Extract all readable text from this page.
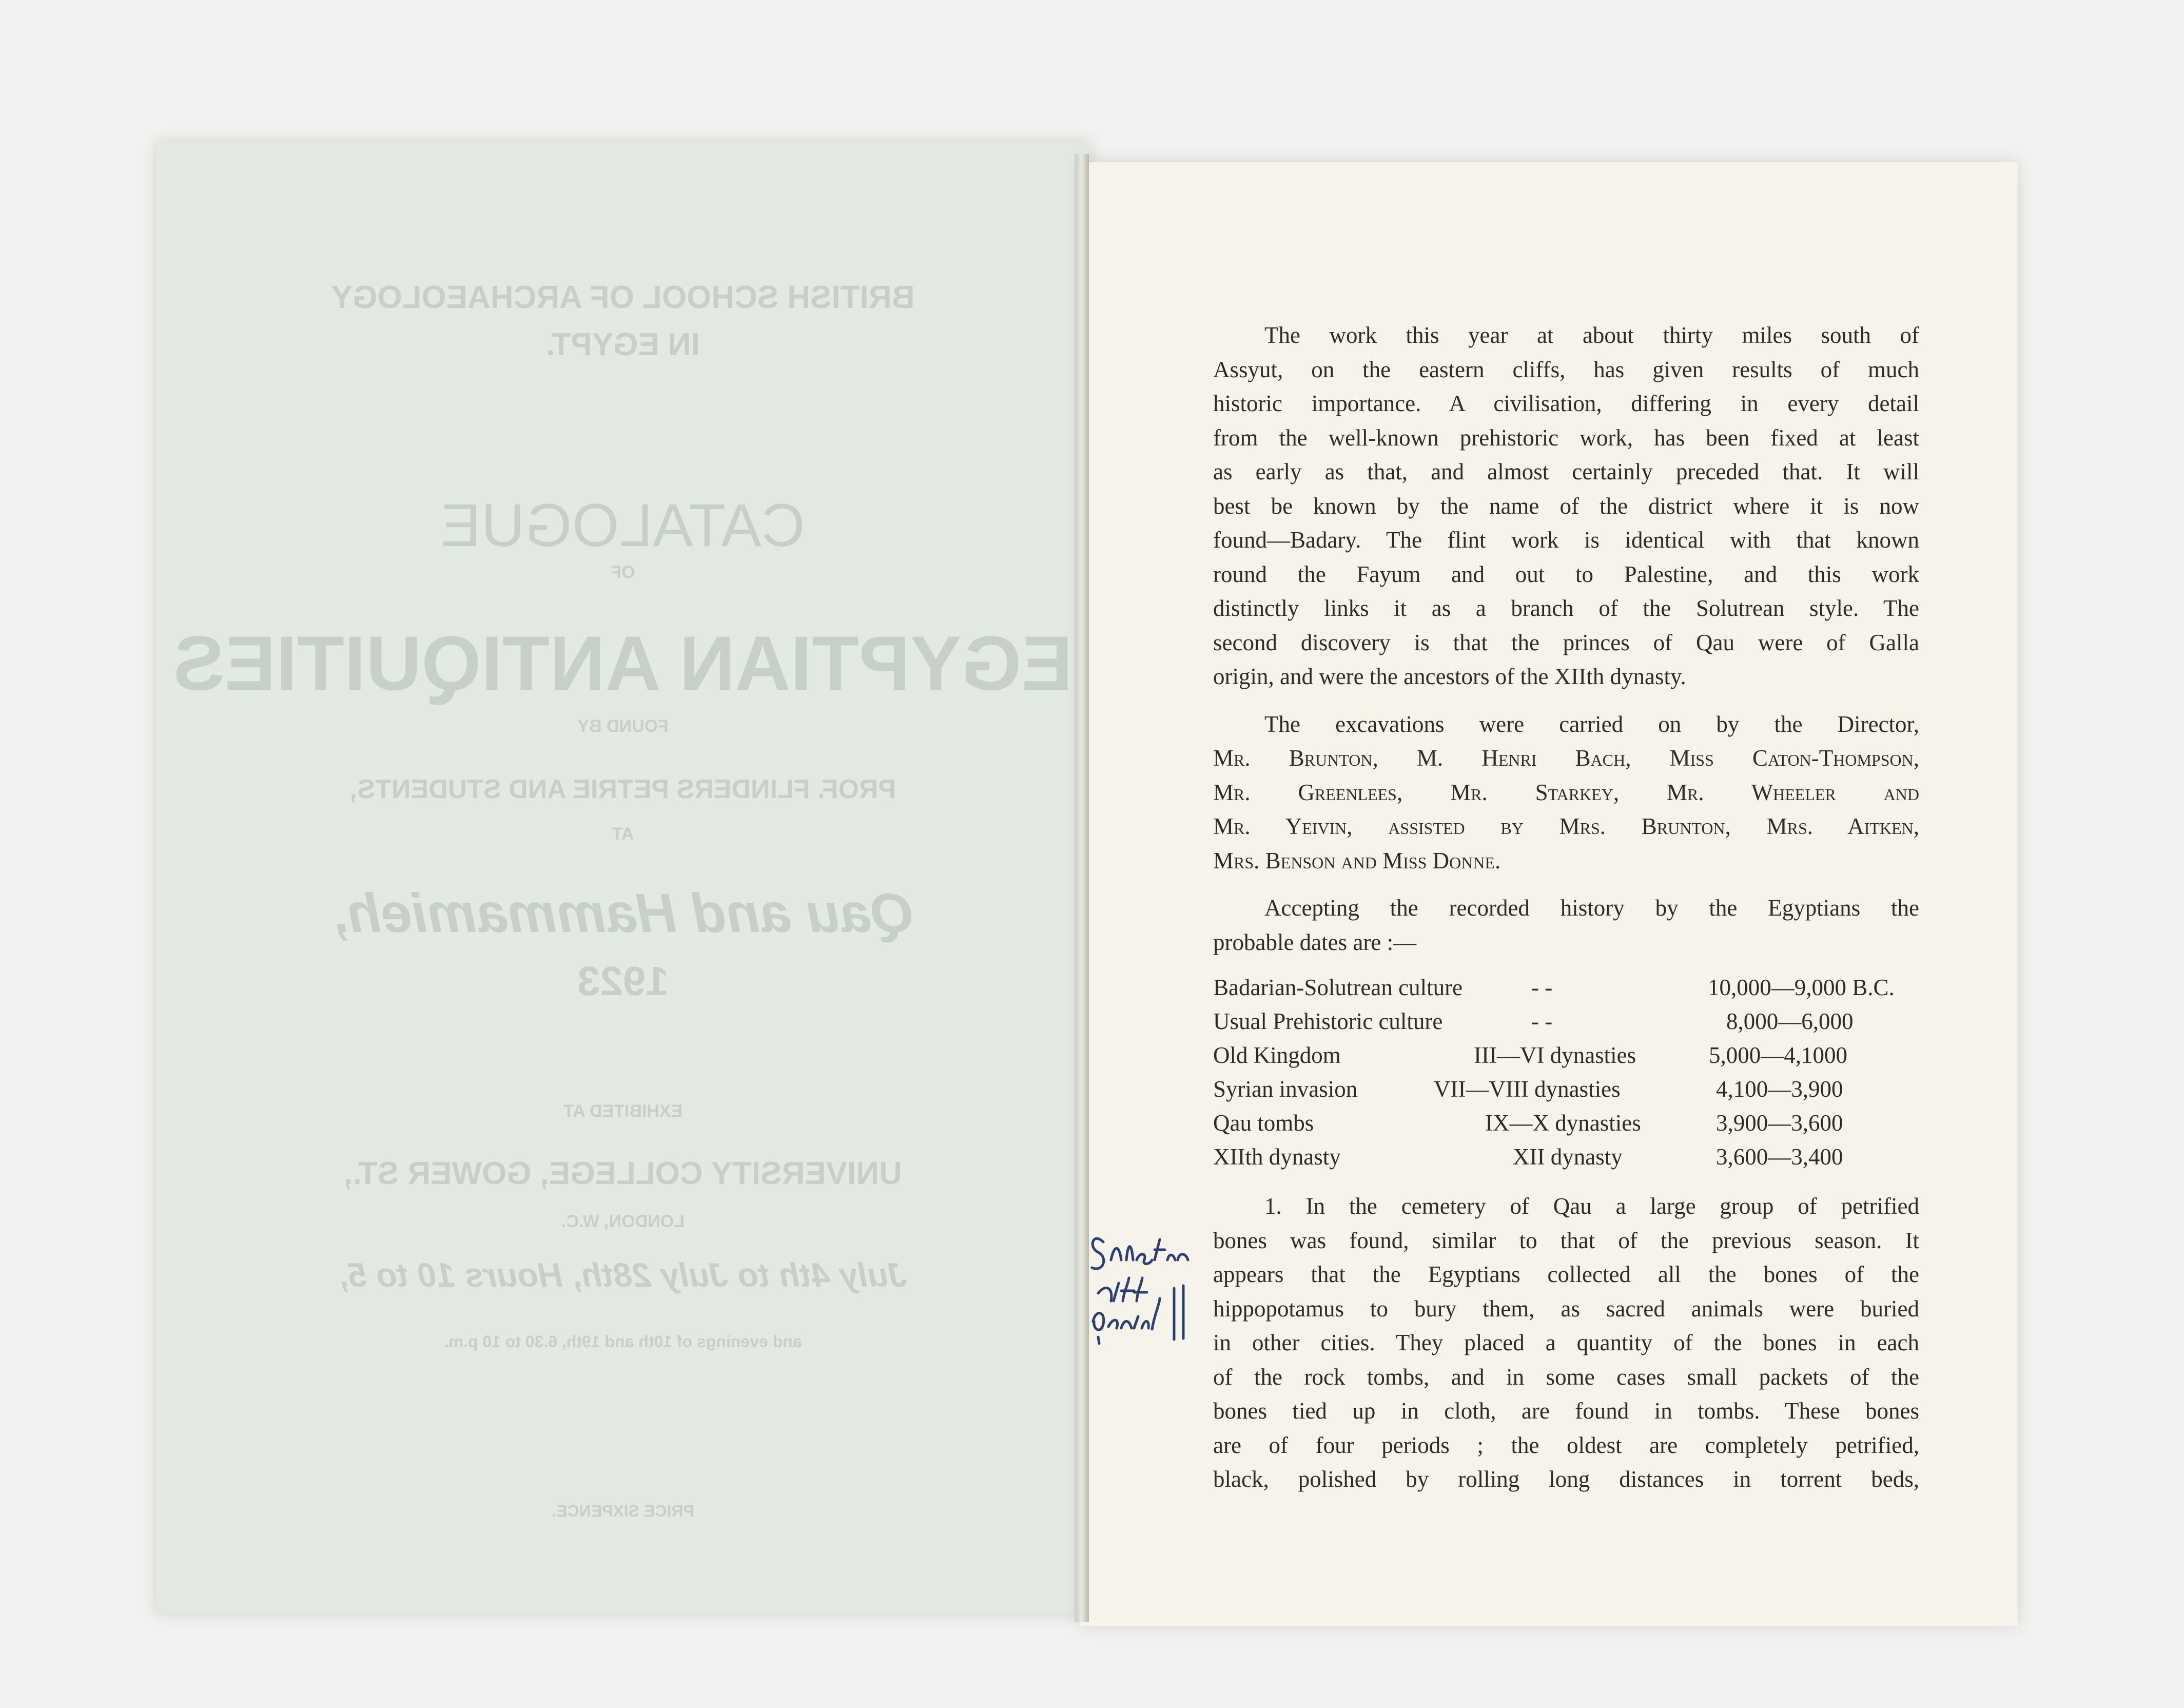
BRITISH SCHOOL OF ARCHAEOLOGY
IN EGYPT.
CATALOGUE
OF
EGYPTIAN ANTIQUITIES
FOUND BY
PROF. FLINDERS PETRIE AND STUDENTS,
AT
Qau and Hammamieh,
1923
EXHIBITED AT
UNIVERSITY COLLEGE, GOWER ST.,
LONDON, W.C.
July 4th to July 28th, Hours 10 to 5,
and evenings of 10th and 19th, 6.30 to 10 p.m.
PRICE SIXPENCE.

The work this year at about thirty miles south of

Assyut, on the eastern cliffs, has given results of much

historic importance. A civilisation, differing in every detail

from the well-known prehistoric work, has been fixed at least

as early as that, and almost certainly preceded that. It will

best be known by the name of the district where it is now

found—Badary. The flint work is identical with that known

round the Fayum and out to Palestine, and this work

distinctly links it as a branch of the Solutrean style. The

second discovery is that the princes of Qau were of Galla

origin, and were the ancestors of the XIIth dynasty.

The excavations were carried on by the Director,

Mr. Brunton, M. Henri Bach, Miss Caton-Thompson,

Mr. Greenlees, Mr. Starkey, Mr. Wheeler and

Mr. Yeivin, assisted by Mrs. Brunton, Mrs. Aitken,

Mrs. Benson and Miss Donne.

Accepting the recorded history by the Egyptians the

probable dates are :—

Badarian-Solutrean culture	- -	10,000—9,000 B.C.
Usual Prehistoric culture	- -	8,000—6,000
Old Kingdom	III—VI dynasties	5,000—4,1000
Syrian invasion	VII—VIII dynasties	4,100—3,900
Qau tombs	IX—X dynasties	3,900—3,600
XIIth dynasty	XII dynasty	3,600—3,400

1. In the cemetery of Qau a large group of petrified

bones was found, similar to that of the previous season. It

appears that the Egyptians collected all the bones of the

hippopotamus to bury them, as sacred animals were buried

in other cities. They placed a quantity of the bones in each

of the rock tombs, and in some cases small packets of the

bones tied up in cloth, are found in tombs. These bones

are of four periods ; the oldest are completely petrified,

black, polished by rolling long distances in torrent beds,
